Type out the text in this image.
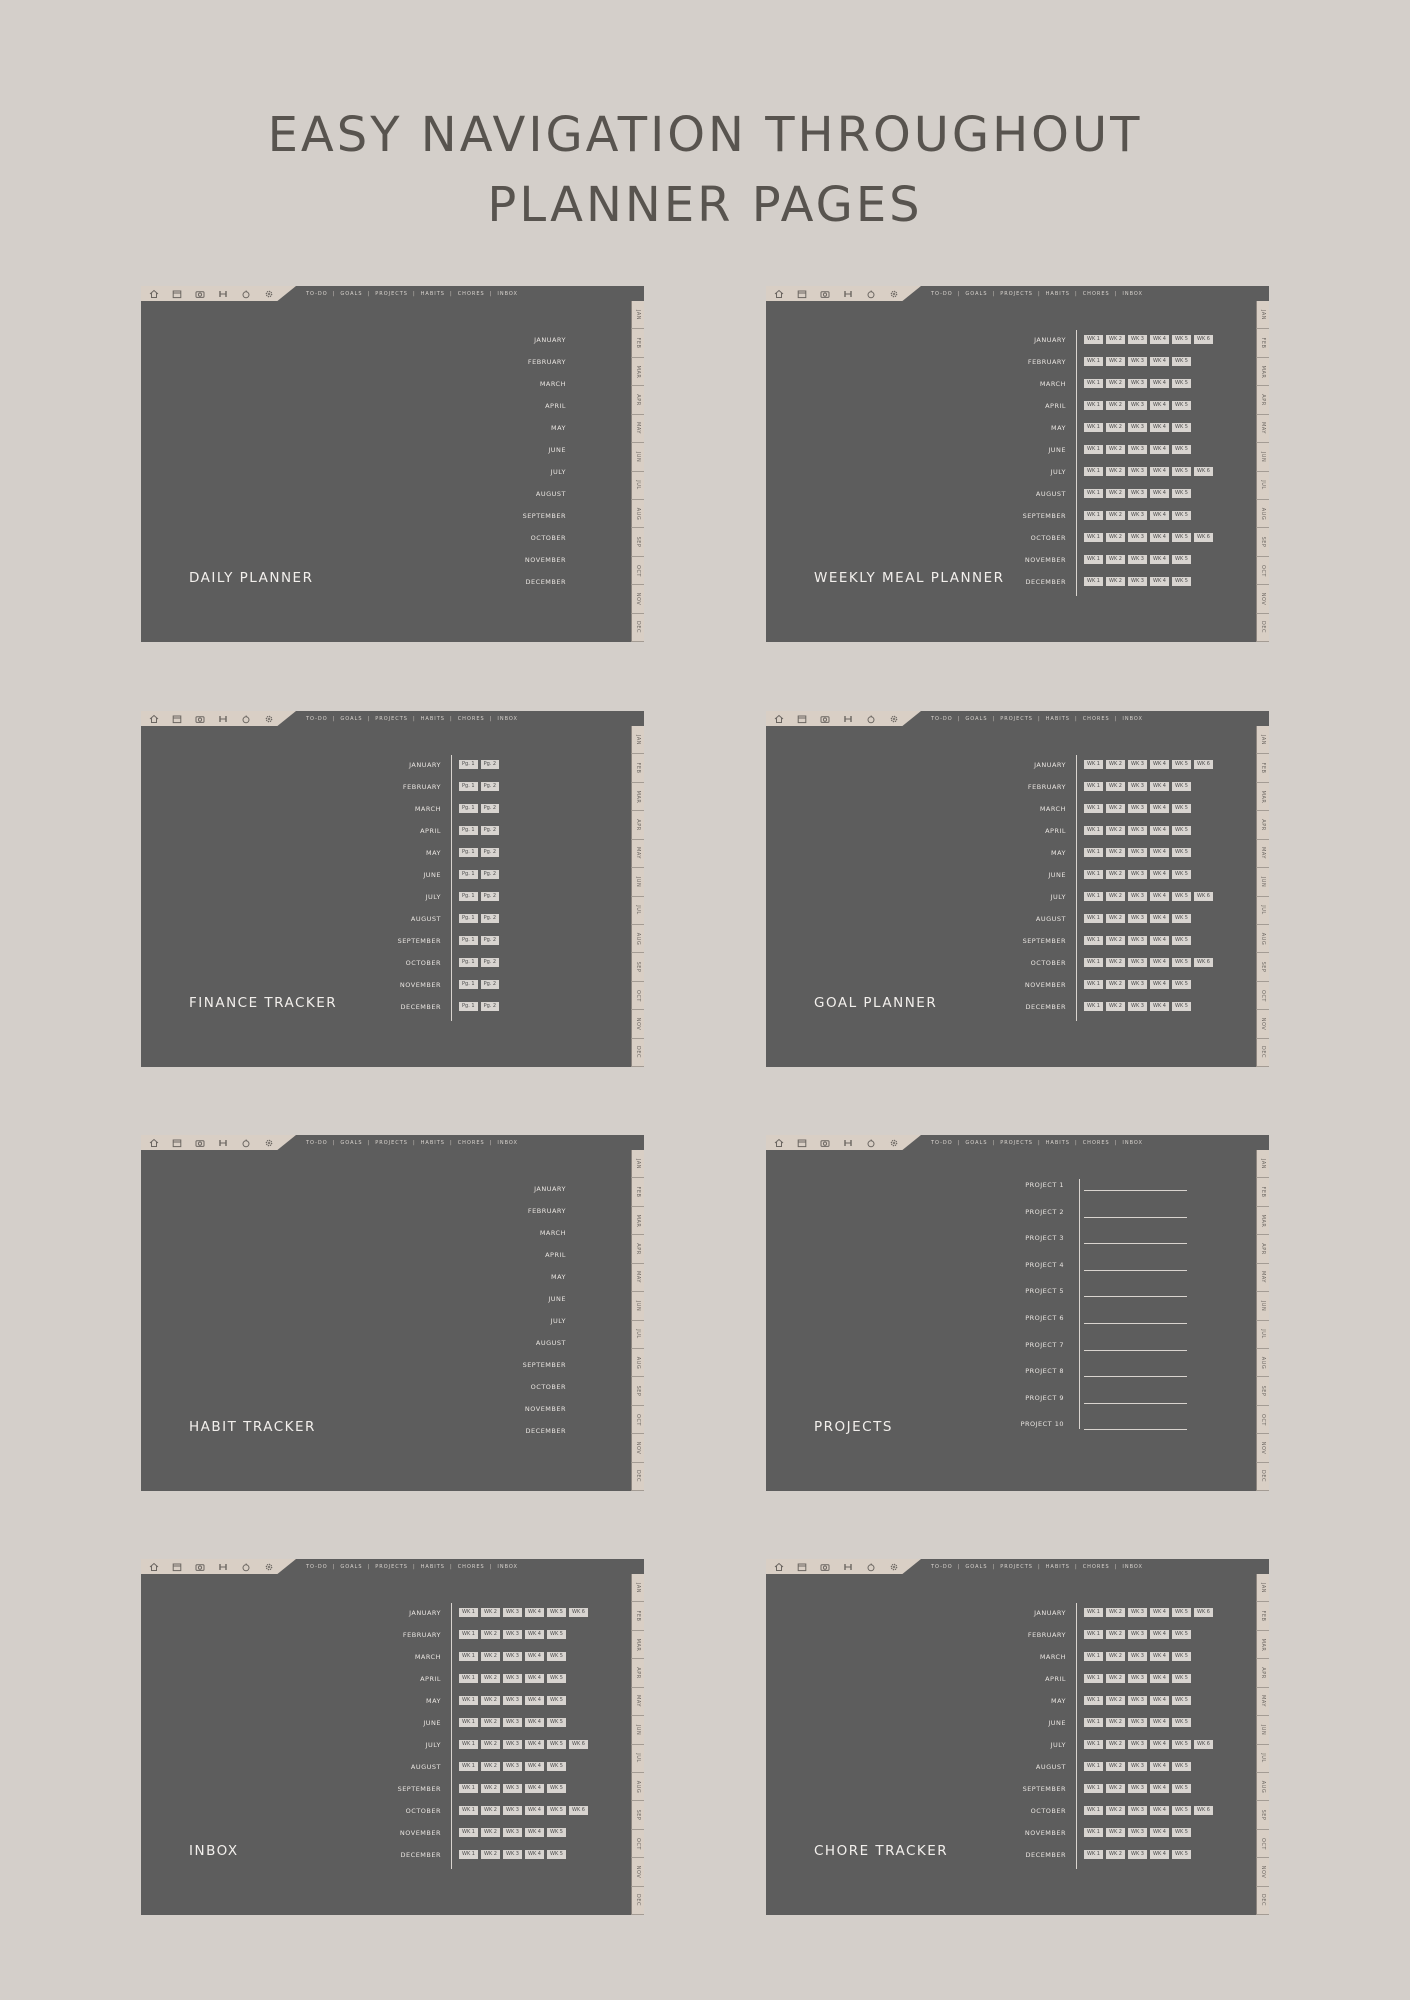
EASY NAVIGATION THROUGHOUT
PLANNER PAGES
TO-DO	|	GOALS	|	PROJECTS	|	HABITS	|	CHORES	|	INBOX
JAN
FEB
MAR
APR
MAY
JUN
JUL
AUG
SEP
OCT
NOV
DEC
DAILY PLANNER
JANUARY
FEBRUARY
MARCH
APRIL
MAY
JUNE
JULY
AUGUST
SEPTEMBER
OCTOBER
NOVEMBER
DECEMBER
TO-DO	|	GOALS	|	PROJECTS	|	HABITS	|	CHORES	|	INBOX
JAN
FEB
MAR
APR
MAY
JUN
JUL
AUG
SEP
OCT
NOV
DEC
WEEKLY MEAL PLANNER
JANUARY	WK 1	WK 2	WK 3	WK 4	WK 5	WK 6
FEBRUARY	WK 1	WK 2	WK 3	WK 4	WK 5
MARCH	WK 1	WK 2	WK 3	WK 4	WK 5
APRIL	WK 1	WK 2	WK 3	WK 4	WK 5
MAY	WK 1	WK 2	WK 3	WK 4	WK 5
JUNE	WK 1	WK 2	WK 3	WK 4	WK 5
JULY	WK 1	WK 2	WK 3	WK 4	WK 5	WK 6
AUGUST	WK 1	WK 2	WK 3	WK 4	WK 5
SEPTEMBER	WK 1	WK 2	WK 3	WK 4	WK 5
OCTOBER	WK 1	WK 2	WK 3	WK 4	WK 5	WK 6
NOVEMBER	WK 1	WK 2	WK 3	WK 4	WK 5
DECEMBER	WK 1	WK 2	WK 3	WK 4	WK 5
TO-DO	|	GOALS	|	PROJECTS	|	HABITS	|	CHORES	|	INBOX
JAN
FEB
MAR
APR
MAY
JUN
JUL
AUG
SEP
OCT
NOV
DEC
FINANCE TRACKER
JANUARY	Pg. 1	Pg. 2
FEBRUARY	Pg. 1	Pg. 2
MARCH	Pg. 1	Pg. 2
APRIL	Pg. 1	Pg. 2
MAY	Pg. 1	Pg. 2
JUNE	Pg. 1	Pg. 2
JULY	Pg. 1	Pg. 2
AUGUST	Pg. 1	Pg. 2
SEPTEMBER	Pg. 1	Pg. 2
OCTOBER	Pg. 1	Pg. 2
NOVEMBER	Pg. 1	Pg. 2
DECEMBER	Pg. 1	Pg. 2
TO-DO	|	GOALS	|	PROJECTS	|	HABITS	|	CHORES	|	INBOX
JAN
FEB
MAR
APR
MAY
JUN
JUL
AUG
SEP
OCT
NOV
DEC
GOAL PLANNER
JANUARY	WK 1	WK 2	WK 3	WK 4	WK 5	WK 6
FEBRUARY	WK 1	WK 2	WK 3	WK 4	WK 5
MARCH	WK 1	WK 2	WK 3	WK 4	WK 5
APRIL	WK 1	WK 2	WK 3	WK 4	WK 5
MAY	WK 1	WK 2	WK 3	WK 4	WK 5
JUNE	WK 1	WK 2	WK 3	WK 4	WK 5
JULY	WK 1	WK 2	WK 3	WK 4	WK 5	WK 6
AUGUST	WK 1	WK 2	WK 3	WK 4	WK 5
SEPTEMBER	WK 1	WK 2	WK 3	WK 4	WK 5
OCTOBER	WK 1	WK 2	WK 3	WK 4	WK 5	WK 6
NOVEMBER	WK 1	WK 2	WK 3	WK 4	WK 5
DECEMBER	WK 1	WK 2	WK 3	WK 4	WK 5
TO-DO	|	GOALS	|	PROJECTS	|	HABITS	|	CHORES	|	INBOX
JAN
FEB
MAR
APR
MAY
JUN
JUL
AUG
SEP
OCT
NOV
DEC
HABIT TRACKER
JANUARY
FEBRUARY
MARCH
APRIL
MAY
JUNE
JULY
AUGUST
SEPTEMBER
OCTOBER
NOVEMBER
DECEMBER
TO-DO	|	GOALS	|	PROJECTS	|	HABITS	|	CHORES	|	INBOX
JAN
FEB
MAR
APR
MAY
JUN
JUL
AUG
SEP
OCT
NOV
DEC
PROJECTS
PROJECT 1
PROJECT 2
PROJECT 3
PROJECT 4
PROJECT 5
PROJECT 6
PROJECT 7
PROJECT 8
PROJECT 9
PROJECT 10
TO-DO	|	GOALS	|	PROJECTS	|	HABITS	|	CHORES	|	INBOX
JAN
FEB
MAR
APR
MAY
JUN
JUL
AUG
SEP
OCT
NOV
DEC
INBOX
JANUARY	WK 1	WK 2	WK 3	WK 4	WK 5	WK 6
FEBRUARY	WK 1	WK 2	WK 3	WK 4	WK 5
MARCH	WK 1	WK 2	WK 3	WK 4	WK 5
APRIL	WK 1	WK 2	WK 3	WK 4	WK 5
MAY	WK 1	WK 2	WK 3	WK 4	WK 5
JUNE	WK 1	WK 2	WK 3	WK 4	WK 5
JULY	WK 1	WK 2	WK 3	WK 4	WK 5	WK 6
AUGUST	WK 1	WK 2	WK 3	WK 4	WK 5
SEPTEMBER	WK 1	WK 2	WK 3	WK 4	WK 5
OCTOBER	WK 1	WK 2	WK 3	WK 4	WK 5	WK 6
NOVEMBER	WK 1	WK 2	WK 3	WK 4	WK 5
DECEMBER	WK 1	WK 2	WK 3	WK 4	WK 5
TO-DO	|	GOALS	|	PROJECTS	|	HABITS	|	CHORES	|	INBOX
JAN
FEB
MAR
APR
MAY
JUN
JUL
AUG
SEP
OCT
NOV
DEC
CHORE TRACKER
JANUARY	WK 1	WK 2	WK 3	WK 4	WK 5	WK 6
FEBRUARY	WK 1	WK 2	WK 3	WK 4	WK 5
MARCH	WK 1	WK 2	WK 3	WK 4	WK 5
APRIL	WK 1	WK 2	WK 3	WK 4	WK 5
MAY	WK 1	WK 2	WK 3	WK 4	WK 5
JUNE	WK 1	WK 2	WK 3	WK 4	WK 5
JULY	WK 1	WK 2	WK 3	WK 4	WK 5	WK 6
AUGUST	WK 1	WK 2	WK 3	WK 4	WK 5
SEPTEMBER	WK 1	WK 2	WK 3	WK 4	WK 5
OCTOBER	WK 1	WK 2	WK 3	WK 4	WK 5	WK 6
NOVEMBER	WK 1	WK 2	WK 3	WK 4	WK 5
DECEMBER	WK 1	WK 2	WK 3	WK 4	WK 5
